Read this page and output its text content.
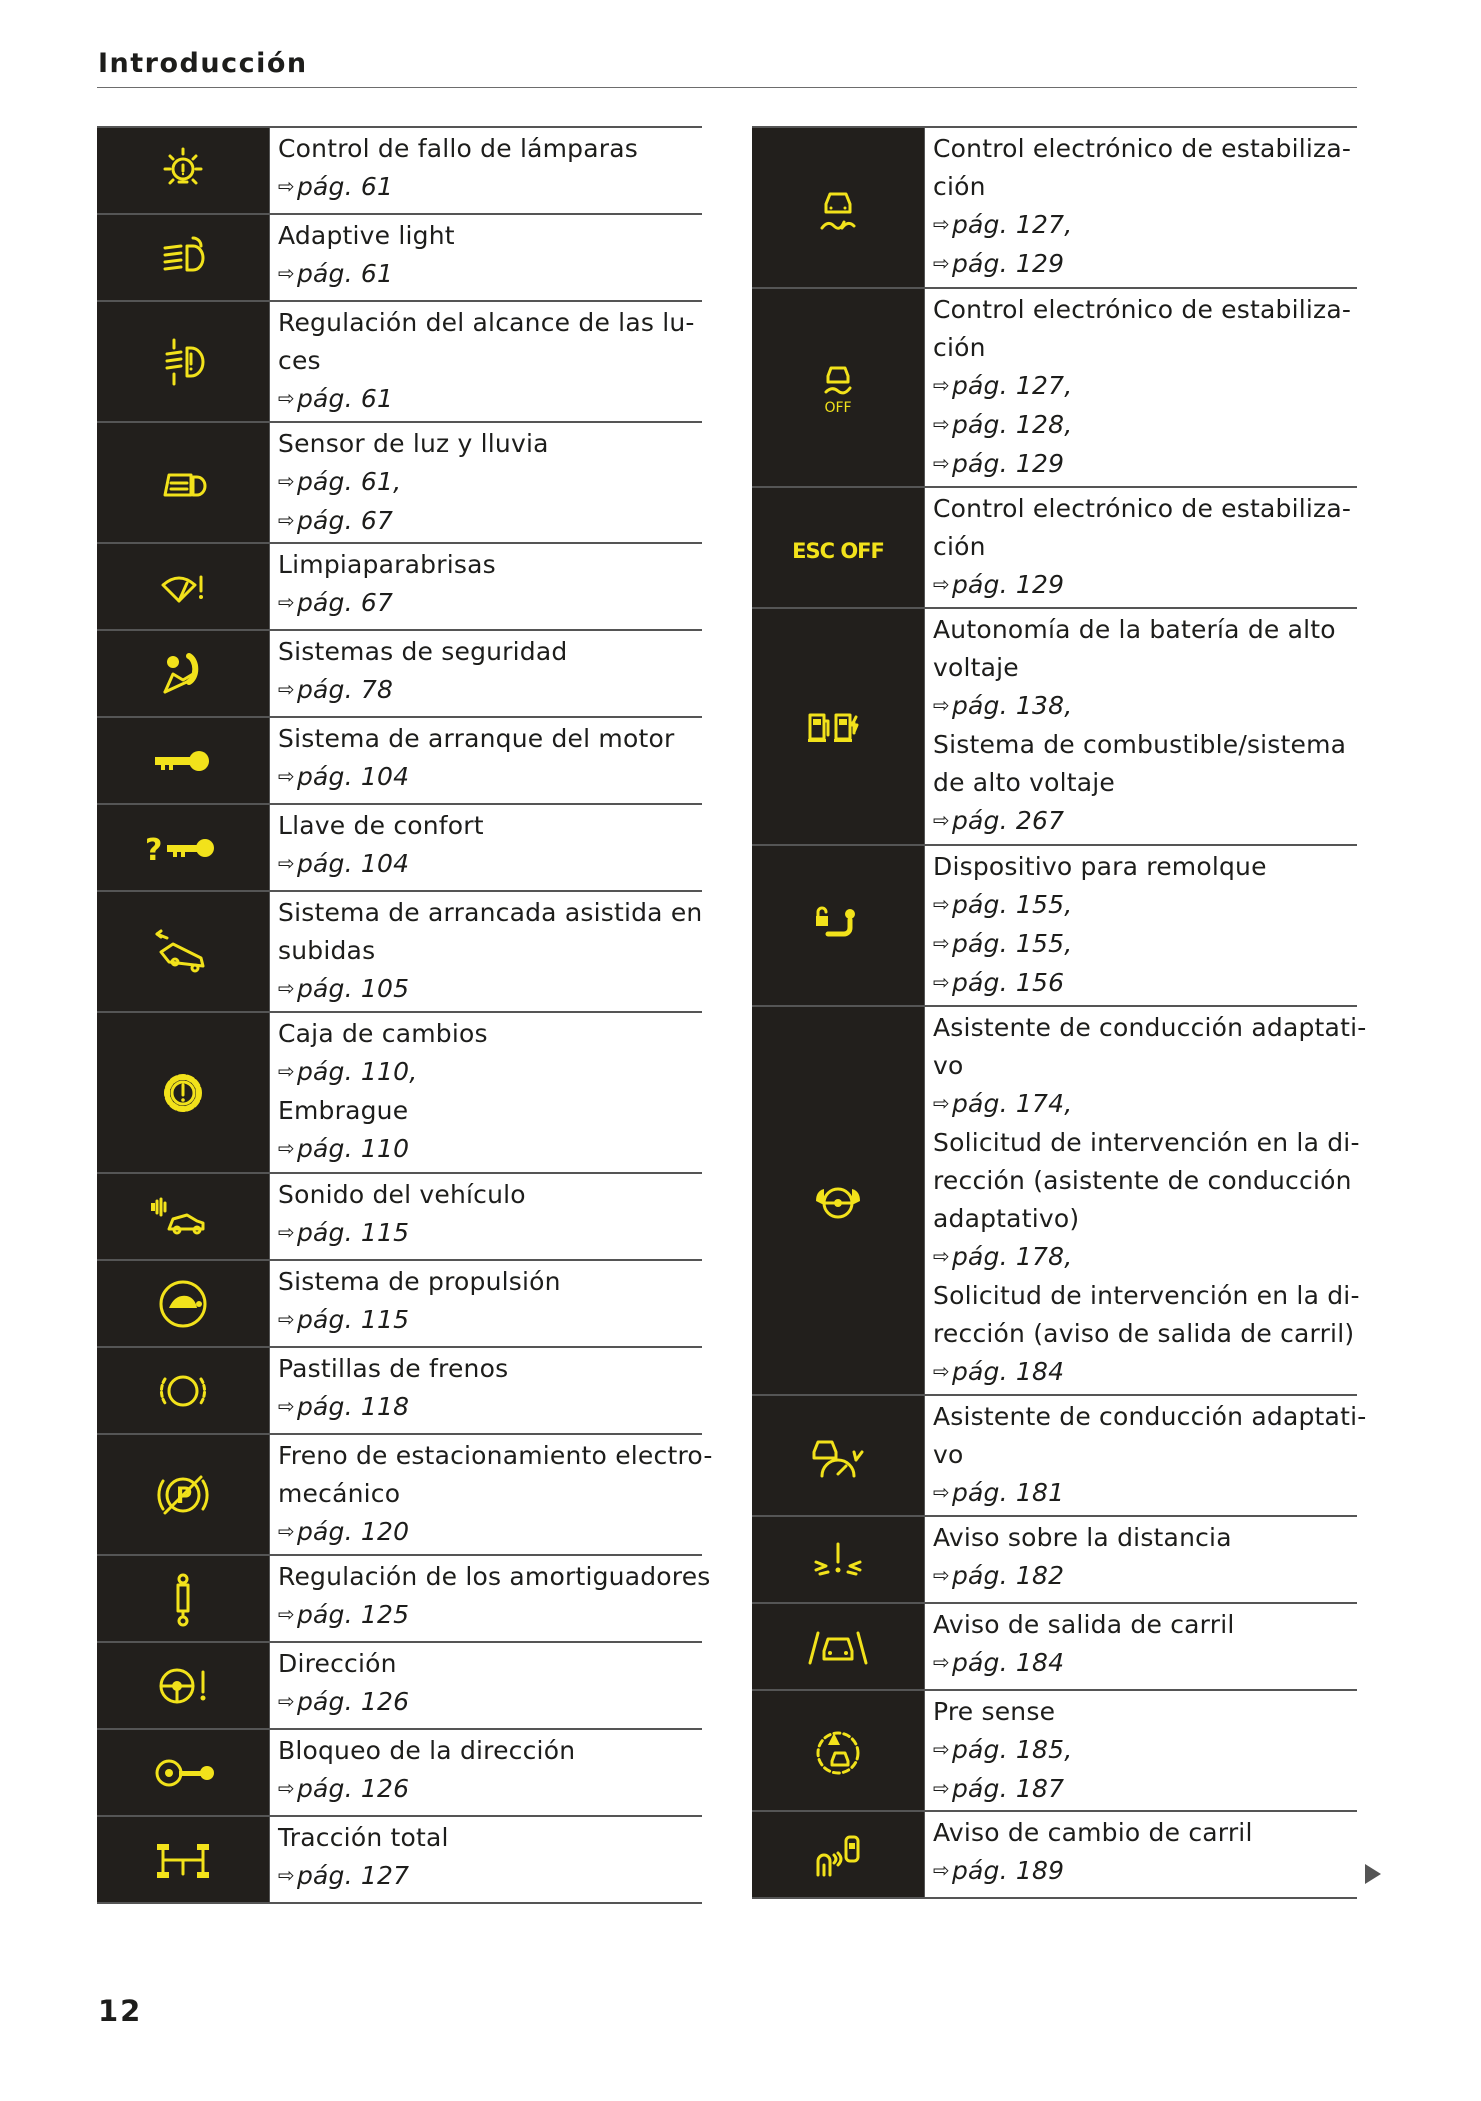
Introducción
Control de fallo de lámparas
⇨pág. 61
Adaptive light
⇨pág. 61
Regulación del alcance de las lu-
ces
⇨pág. 61
Sensor de luz y lluvia
⇨pág. 61,
⇨pág. 67
Limpiaparabrisas
⇨pág. 67
Sistemas de seguridad
⇨pág. 78
Sistema de arranque del motor
⇨pág. 104
?
Llave de confort
⇨pág. 104
Sistema de arrancada asistida en
subidas
⇨pág. 105
Caja de cambios
⇨pág. 110,
Embrague
⇨pág. 110
Sonido del vehículo
⇨pág. 115
Sistema de propulsión
⇨pág. 115
Pastillas de frenos
⇨pág. 118
P
Freno de estacionamiento electro-
mecánico
⇨pág. 120
Regulación de los amortiguadores
⇨pág. 125
Dirección
⇨pág. 126
Bloqueo de la dirección
⇨pág. 126
Tracción total
⇨pág. 127
Control electrónico de estabiliza-
ción
⇨pág. 127,
⇨pág. 129
OFF
Control electrónico de estabiliza-
ción
⇨pág. 127,
⇨pág. 128,
⇨pág. 129
ESC OFF
Control electrónico de estabiliza-
ción
⇨pág. 129
Autonomía de la batería de alto
voltaje
⇨pág. 138,
Sistema de combustible/sistema
de alto voltaje
⇨pág. 267
Dispositivo para remolque
⇨pág. 155,
⇨pág. 155,
⇨pág. 156
Asistente de conducción adaptati-
vo
⇨pág. 174,
Solicitud de intervención en la di-
rección (asistente de conducción
adaptativo)
⇨pág. 178,
Solicitud de intervención en la di-
rección (aviso de salida de carril)
⇨pág. 184
Asistente de conducción adaptati-
vo
⇨pág. 181
Aviso sobre la distancia
⇨pág. 182
Aviso de salida de carril
⇨pág. 184
Pre sense
⇨pág. 185,
⇨pág. 187
Aviso de cambio de carril
⇨pág. 189
12
